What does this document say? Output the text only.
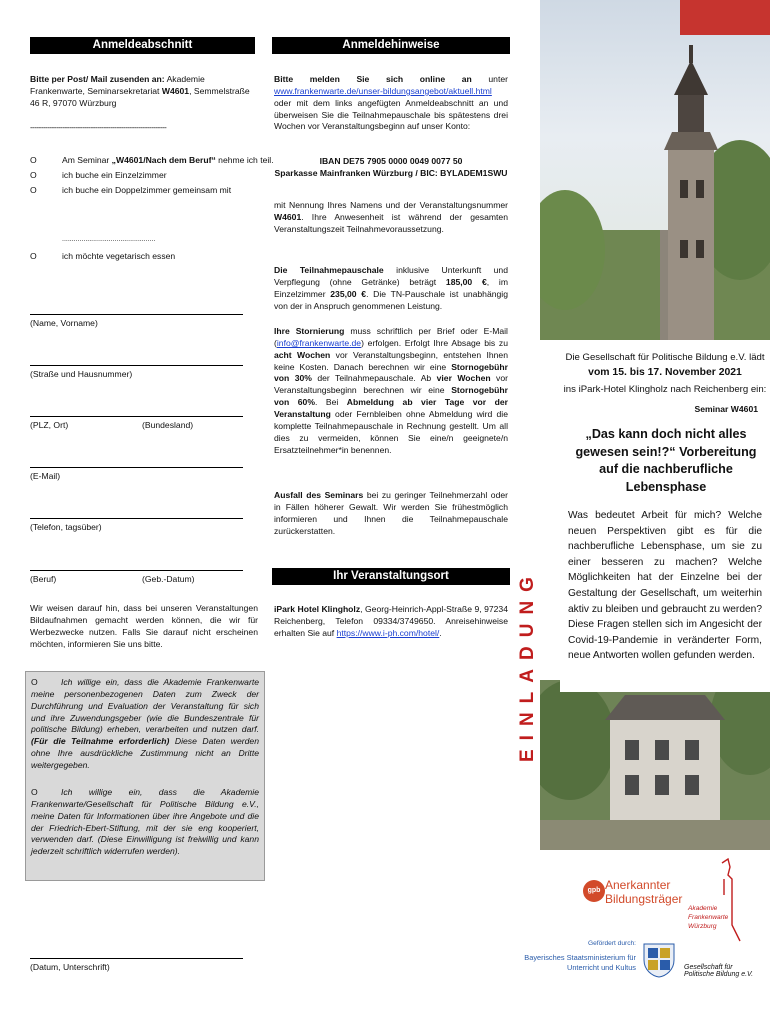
Anmeldeabschnitt
Bitte per Post/ Mail zusenden an: Akademie Frankenwarte, Seminarsekretariat W4601, Semmelstraße 46 R, 97070 Würzburg
---------------------------------------------------------------
O	Am Seminar „W4601/Nach dem Beruf“ nehme ich teil.
O	ich buche ein Einzelzimmer
O	ich buche ein Doppelzimmer gemeinsam mit
................................................
O	ich möchte vegetarisch essen
(Name, Vorname)
(Straße und Hausnummer)
(PLZ, Ort)	(Bundesland)
(E-Mail)
(Telefon, tagsüber)
(Beruf)	(Geb.-Datum)
Wir weisen darauf hin, dass bei unseren Veranstaltungen Bildaufnahmen gemacht werden können, die wir für Werbezwecke nutzen. Falls Sie darauf nicht erscheinen möchten, informieren Sie uns bitte.
O	Ich willige ein, dass die Akademie Frankenwarte meine personenbezogenen Daten zum Zweck der Durchführung und Evaluation der Veranstaltung für sich und ihre Zuwendungsgeber (wie die Bundeszentrale für politische Bildung) erheben, verarbeiten und nutzen darf. (Für die Teilnahme erforderlich) Diese Daten werden ohne Ihre ausdrückliche Zustimmung nicht an Dritte weitergegeben.
O	Ich willige ein, dass die Akademie Frankenwarte/Gesellschaft für Politische Bildung e.V., meine Daten für Informationen über ihre Angebote und die der Friedrich-Ebert-Stiftung, mit der sie eng kooperiert, verwenden darf. (Diese Einwilligung ist freiwillig und kann jederzeit schriftlich widerrufen werden).
(Datum, Unterschrift)
Anmeldehinweise
Bitte melden Sie sich online an unter www.frankenwarte.de/unser-bildungsangebot/aktuell.html oder mit dem links angefügten Anmeldeabschnitt an und überweisen Sie die Teilnahmepauschale bis spätestens drei Wochen vor Veranstaltungsbeginn auf unser Konto:
IBAN DE75 7905 0000 0049 0077 50
Sparkasse Mainfranken Würzburg / BIC: BYLADEM1SWU
mit Nennung Ihres Namens und der Veranstaltungsnummer W4601. Ihre Anwesenheit ist während der gesamten Veranstaltungszeit Teilnahmevoraussetzung.
Die Teilnahmepauschale inklusive Unterkunft und Verpflegung (ohne Getränke) beträgt 185,00 €, im Einzelzimmer 235,00 €. Die TN-Pauschale ist unabhängig von der in Anspruch genommenen Leistung.
Ihre Stornierung muss schriftlich per Brief oder E-Mail (info@frankenwarte.de) erfolgen. Erfolgt Ihre Absage bis zu acht Wochen vor Veranstaltungsbeginn, entstehen Ihnen keine Kosten. Danach berechnen wir eine Stornogebühr von 30% der Teilnahmepauschale. Ab vier Wochen vor Veranstaltungsbeginn berechnen wir eine Stornogebühr von 60%. Bei Abmeldung ab vier Tage vor der Veranstaltung oder Fernbleiben ohne Abmeldung wird die komplette Teilnahmepauschale in Rechnung gestellt. Um all dies zu vermeiden, können Sie eine/n geeignete/n Ersatzteilnehmer*in benennen.
Ausfall des Seminars bei zu geringer Teilnehmerzahl oder in Fällen höherer Gewalt. Wir werden Sie frühestmöglich informieren und Ihnen die Teilnahmepauschale zurückerstatten.
Ihr Veranstaltungsort
iPark Hotel Klingholz, Georg-Heinrich-Appl-Straße 9, 97234 Reichenberg, Telefon 09334/3749650. Anreisehinweise erhalten Sie auf https://www.i-ph.com/hotel/.	EINLADUNG
Die Gesellschaft für Politische Bildung e.V. lädt
vom 15. bis 17. November 2021
ins iPark-Hotel Klingholz nach Reichenberg ein:
Seminar W4601
„Das kann doch nicht alles gewesen sein!?“ Vorbereitung auf die nachberufliche Lebensphase
Was bedeutet Arbeit für mich? Welche neuen Perspektiven gibt es für die nachberufliche Lebensphase, um sie zu einer besseren zu machen? Welche Möglichkeiten hat der Einzelne bei der Gestaltung der Gesellschaft, um weiterhin aktiv zu bleiben und gebraucht zu werden? Diese Fragen stellen sich im Angesicht der Covid-19-Pandemie in veränderter Form, neue Antworten wollen gefunden werden.
gpb Anerkannter
Bildungsträger
Gefördert durch:
Bayerisches Staatsministerium für
Unterricht und Kultus
Akademie
Frankenwarte
Würzburg
Gesellschaft für
Politische Bildung e.V.
